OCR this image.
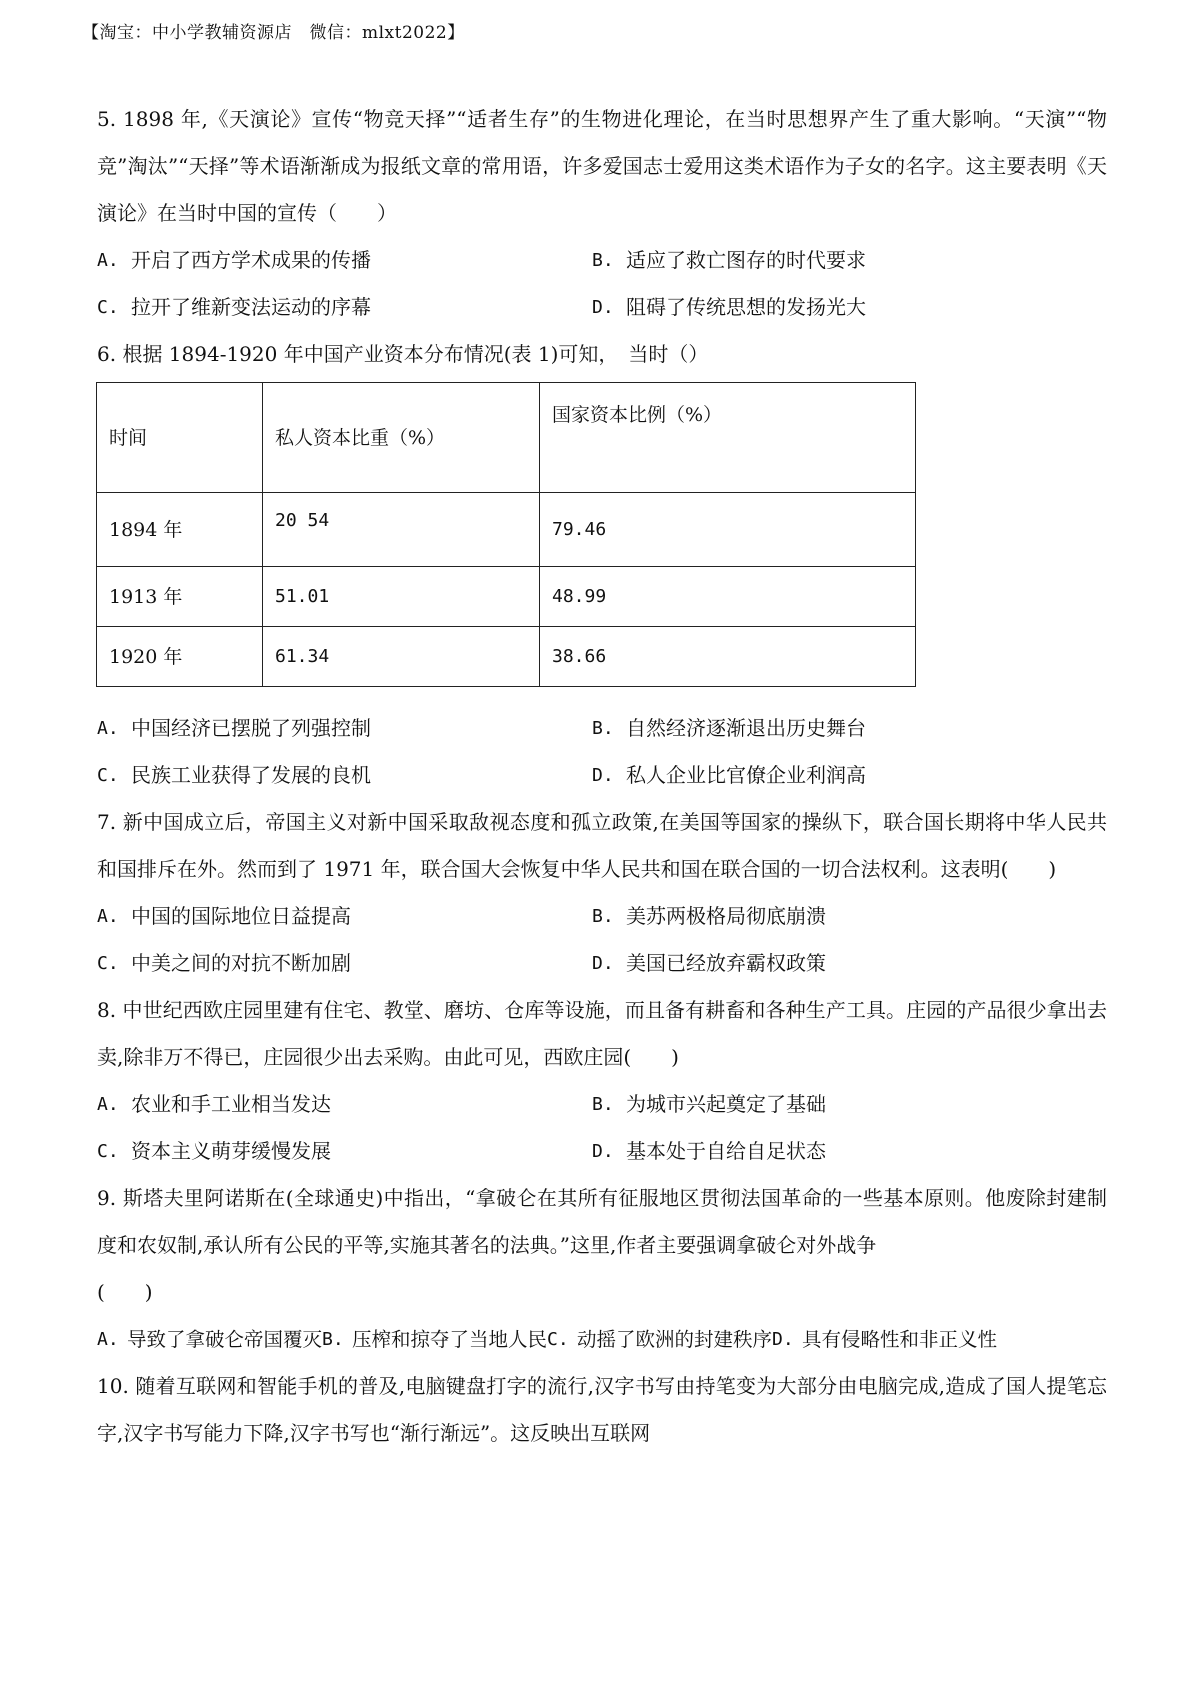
【淘宝：中小学教辅资源店　微信：mlxt2022】

5. 1898 年,《天演论》宣传“物竞天择”“适者生存”的生物进化理论，在当时思想界产生了重大影响。“天演”“物竞”淘汰”“天择”等术语渐渐成为报纸文章的常用语，许多爱国志士爱用这类术语作为子女的名字。这主要表明《天演论》在当时中国的宣传（　　）

A. 开启了西方学术成果的传播	B. 适应了救亡图存的时代要求
C. 拉开了维新变法运动的序幕	D. 阻碍了传统思想的发扬光大

6. 根据 1894-1920 年中国产业资本分布情况(表 1)可知，　当时（）

时间	私人资本比重（%）	国家资本比例（%）
1894 年	20 54	79.46
1913 年	51.01	48.99
1920 年	61.34	38.66
A. 中国经济已摆脱了列强控制	B. 自然经济逐渐退出历史舞台
C. 民族工业获得了发展的良机	D. 私人企业比官僚企业利润高

7. 新中国成立后，帝国主义对新中国采取敌视态度和孤立政策,在美国等国家的操纵下，联合国长期将中华人民共和国排斥在外。然而到了 1971 年，联合国大会恢复中华人民共和国在联合国的一切合法权利。这表明(　　)

A. 中国的国际地位日益提高	B. 美苏两极格局彻底崩溃
C. 中美之间的对抗不断加剧	D. 美国已经放弃霸权政策

8. 中世纪西欧庄园里建有住宅、教堂、磨坊、仓库等设施，而且备有耕畜和各种生产工具。庄园的产品很少拿出去卖,除非万不得已，庄园很少出去采购。由此可见，西欧庄园(　　)

A. 农业和手工业相当发达	B. 为城市兴起奠定了基础
C. 资本主义萌芽缓慢发展	D. 基本处于自给自足状态

9. 斯塔夫里阿诺斯在(全球通史)中指出，“拿破仑在其所有征服地区贯彻法国革命的一些基本原则。他废除封建制度和农奴制,承认所有公民的平等,实施其著名的法典。”这里,作者主要强调拿破仑对外战争

(　　)

A. 导致了拿破仑帝国覆灭 B. 压榨和掠夺了当地人民 C. 动摇了欧洲的封建秩序 D. 具有侵略性和非正义性

10. 随着互联网和智能手机的普及,电脑键盘打字的流行,汉字书写由持笔变为大部分由电脑完成,造成了国人提笔忘字,汉字书写能力下降,汉字书写也“渐行渐远”。这反映出互联网
